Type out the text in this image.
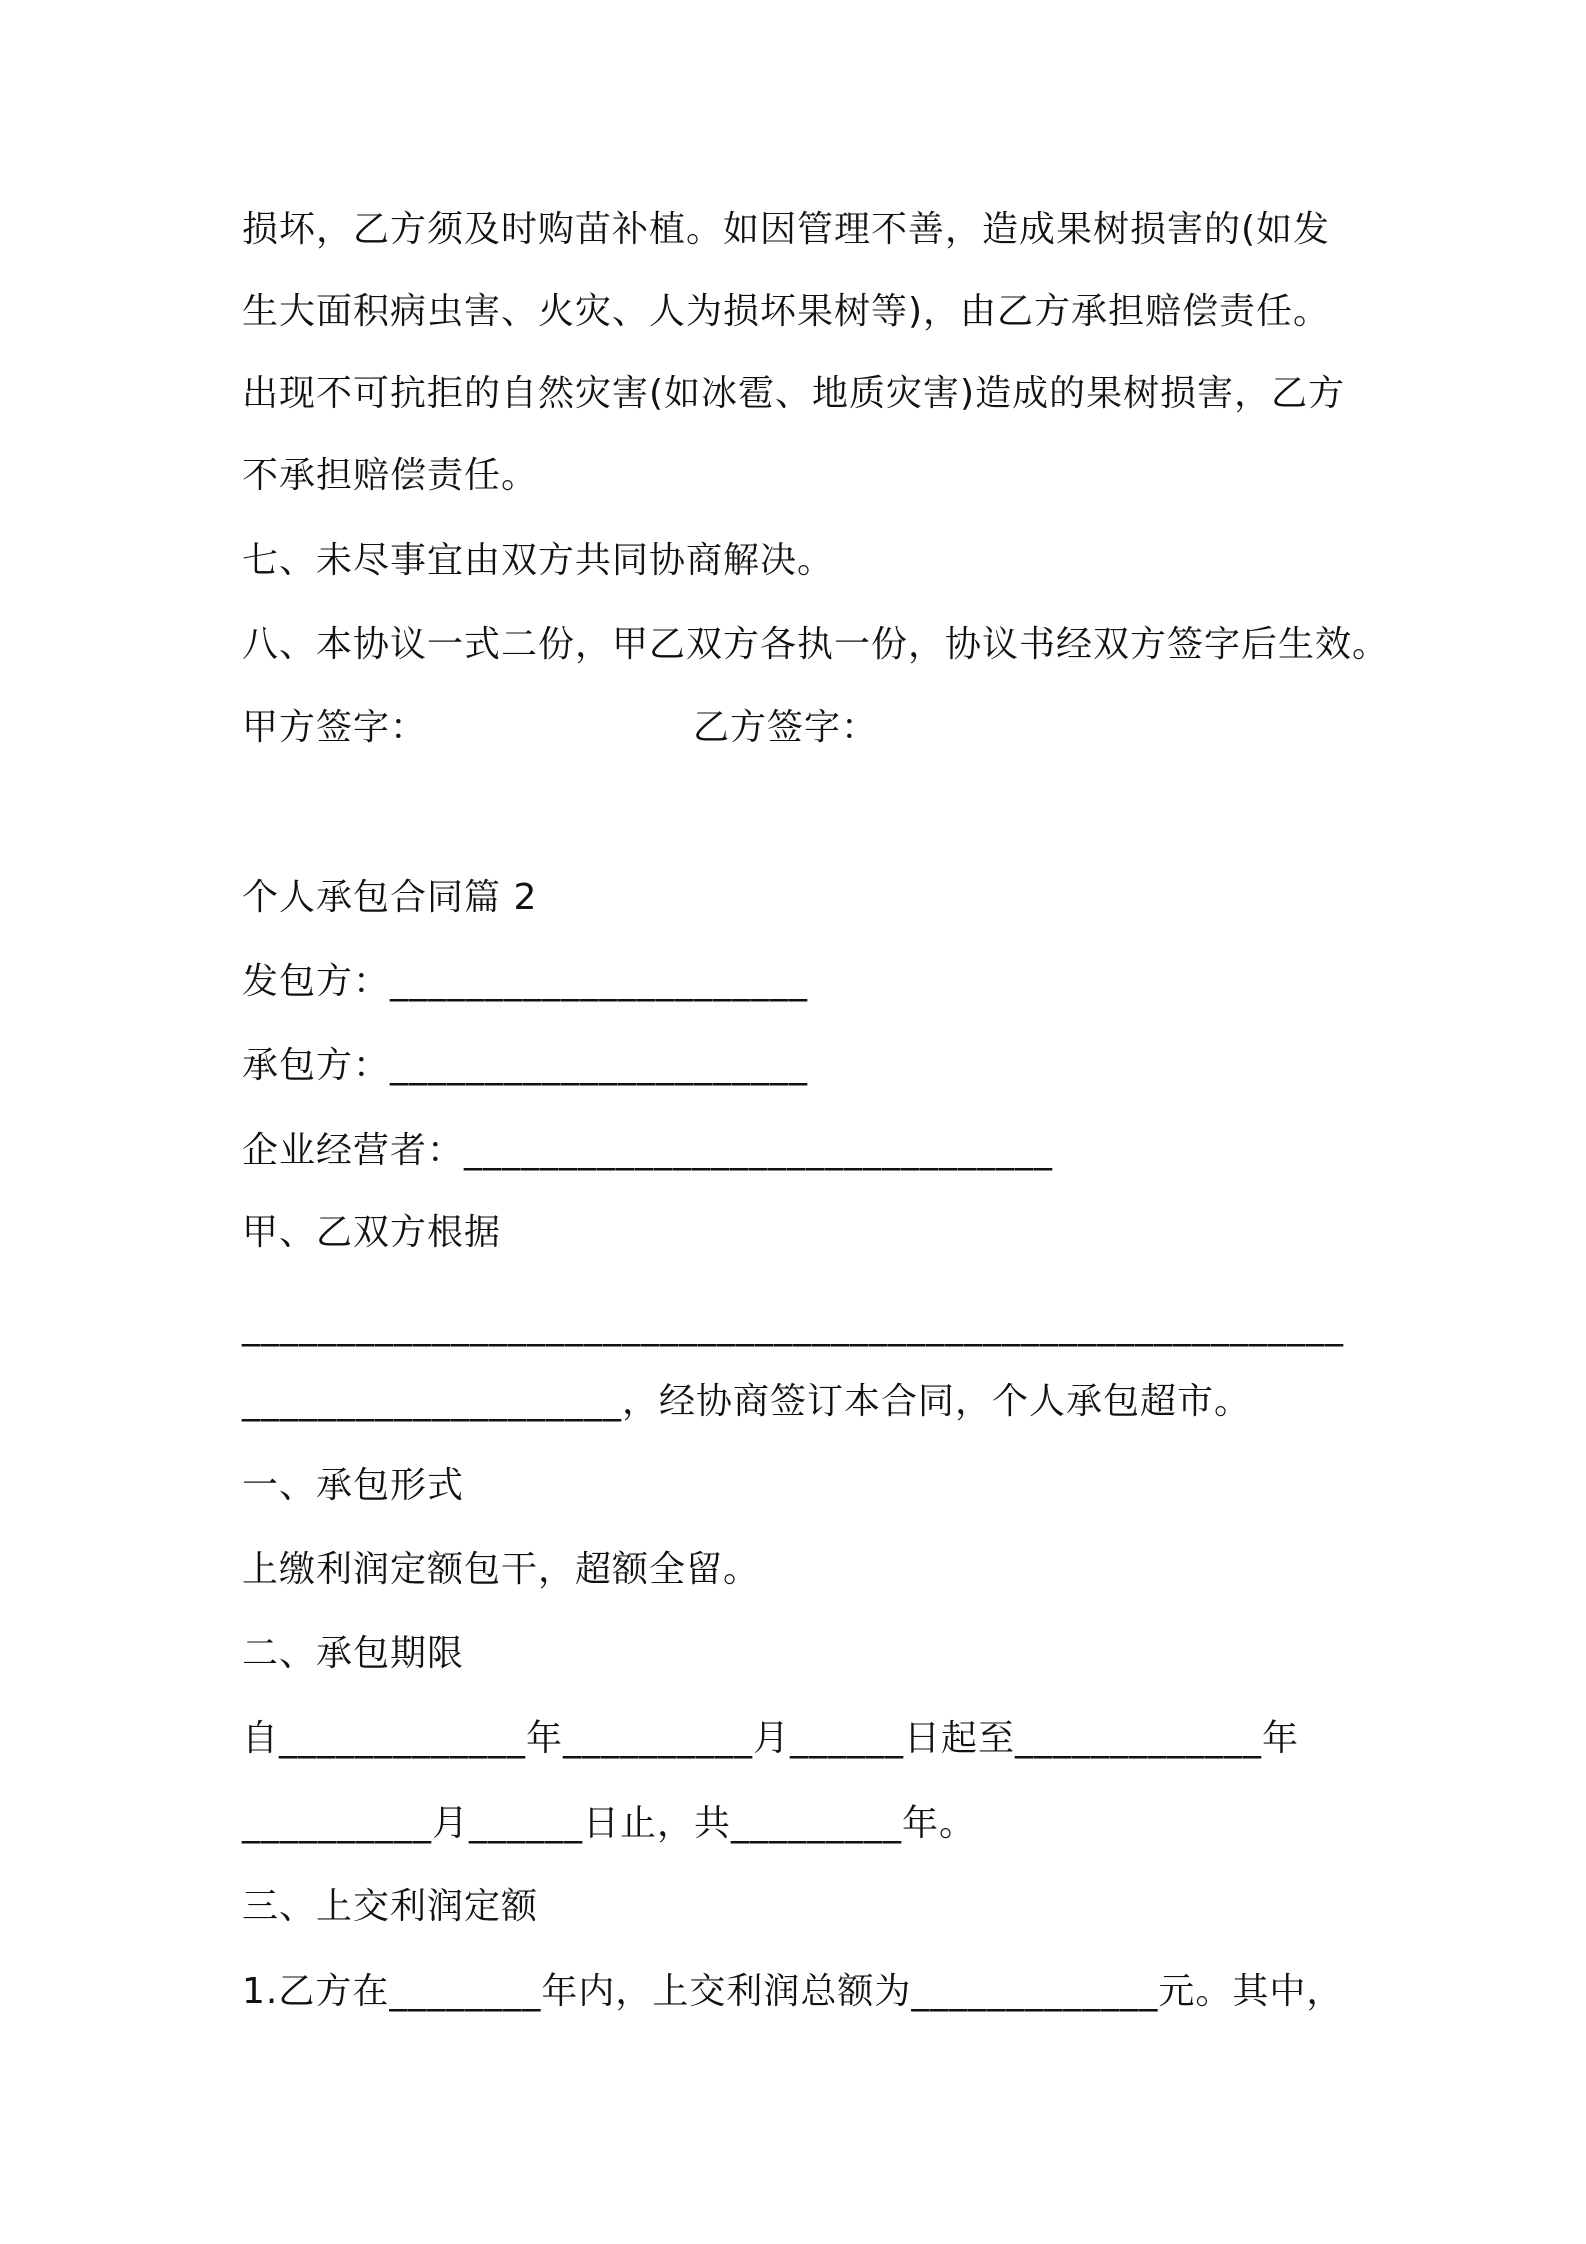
损坏，乙方须及时购苗补植。如因管理不善，造成果树损害的(如发

生大面积病虫害、火灾、人为损坏果树等)，由乙方承担赔偿责任。

出现不可抗拒的自然灾害(如冰雹、地质灾害)造成的果树损害，乙方

不承担赔偿责任。

七、未尽事宜由双方共同协商解决。

八、本协议一式二份，甲乙双方各执一份，协议书经双方签字后生效。

甲方签字：	乙方签字：

个人承包合同篇 2

发包方：______________________

承包方：______________________

企业经营者：_______________________________

甲、乙双方根据

__________________________________________________________

____________________，经协商签订本合同，个人承包超市。

一、承包形式

上缴利润定额包干，超额全留。

二、承包期限

自_____________年__________月______日起至_____________年

__________月______日止，共_________年。

三、上交利润定额

1.乙方在________年内，上交利润总额为_____________元。其中，
